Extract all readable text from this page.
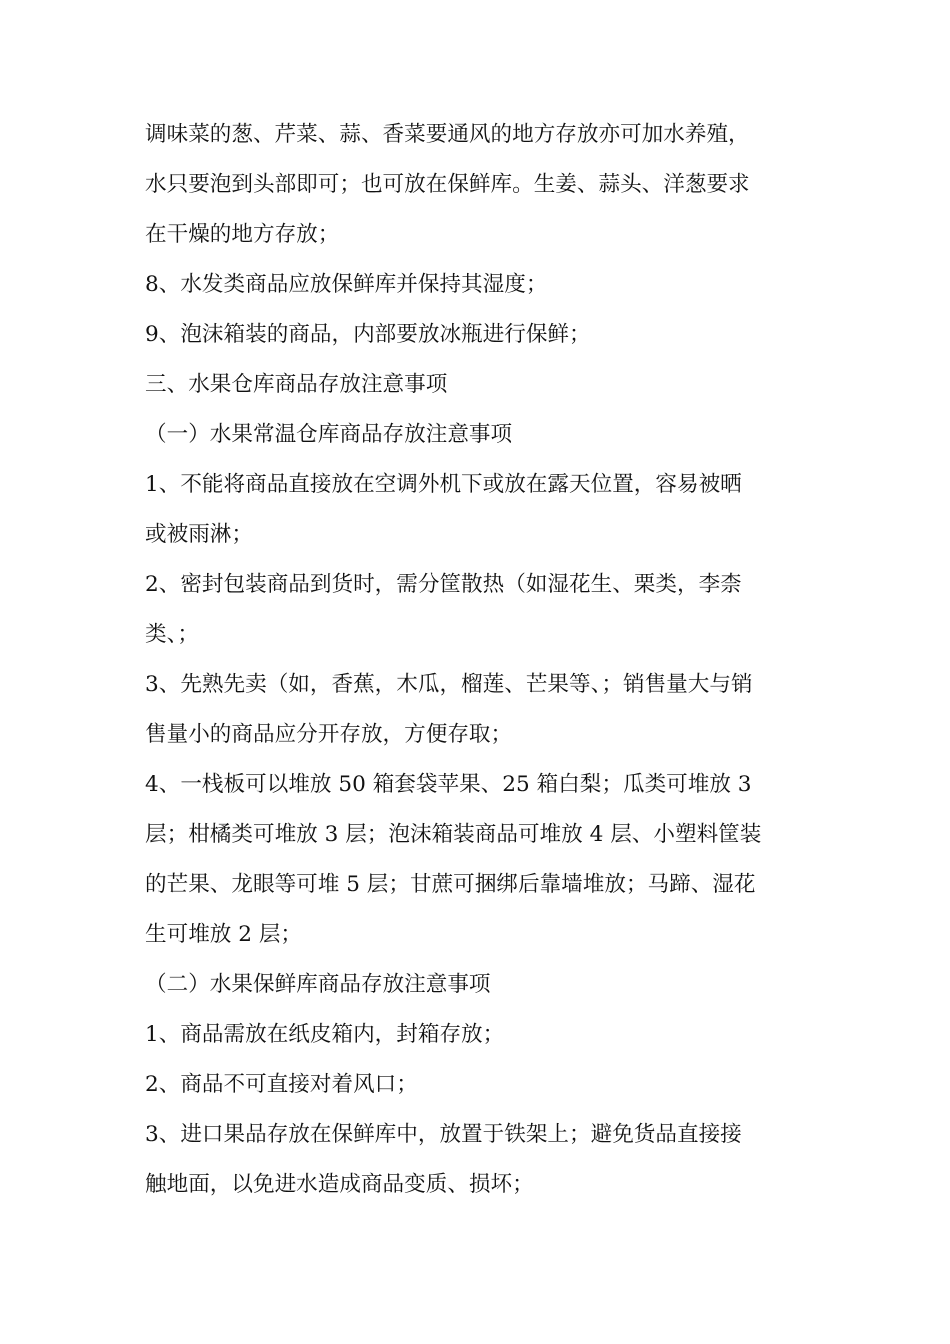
调味菜的葱、芹菜、蒜、香菜要通风的地方存放亦可加水养殖，
水只要泡到头部即可；也可放在保鲜库。生姜、蒜头、洋葱要求
在干燥的地方存放；

8、水发类商品应放保鲜库并保持其湿度；

9、泡沫箱装的商品，内部要放冰瓶进行保鲜；

三、水果仓库商品存放注意事项

（一）水果常温仓库商品存放注意事项

1、不能将商品直接放在空调外机下或放在露天位置，容易被晒
或被雨淋；

2、密封包装商品到货时，需分筐散热（如湿花生、栗类，李柰
类、；

3、先熟先卖（如，香蕉，木瓜，榴莲、芒果等、；销售量大与销
售量小的商品应分开存放，方便存取；

4、一栈板可以堆放 50 箱套袋苹果、25 箱白梨；瓜类可堆放 3
层；柑橘类可堆放 3 层；泡沫箱装商品可堆放 4 层、小塑料筐装
的芒果、龙眼等可堆 5 层；甘蔗可捆绑后靠墙堆放；马蹄、湿花
生可堆放 2 层；

（二）水果保鲜库商品存放注意事项

1、商品需放在纸皮箱内，封箱存放；

2、商品不可直接对着风口；

3、进口果品存放在保鲜库中，放置于铁架上；避免货品直接接
触地面，以免进水造成商品变质、损坏；
